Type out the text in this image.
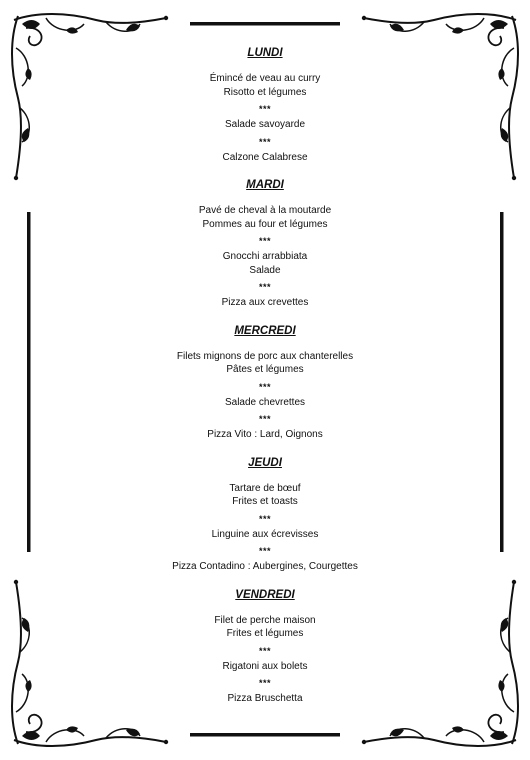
LUNDI

Émincé de veau au curry

Risotto et légumes

***

Salade savoyarde

***

Calzone Calabrese

MARDI

Pavé de cheval à la moutarde

Pommes au four et légumes

***

Gnocchi arrabbiata

Salade

***

Pizza aux crevettes

MERCREDI

Filets mignons de porc aux chanterelles

Pâtes et légumes

***

Salade chevrettes

***

Pizza Vito : Lard, Oignons

JEUDI

Tartare de bœuf

Frites et toasts

***

Linguine aux écrevisses

***

Pizza Contadino : Aubergines, Courgettes

VENDREDI

Filet de perche maison

Frites et légumes

***

Rigatoni aux bolets

***

Pizza Bruschetta
